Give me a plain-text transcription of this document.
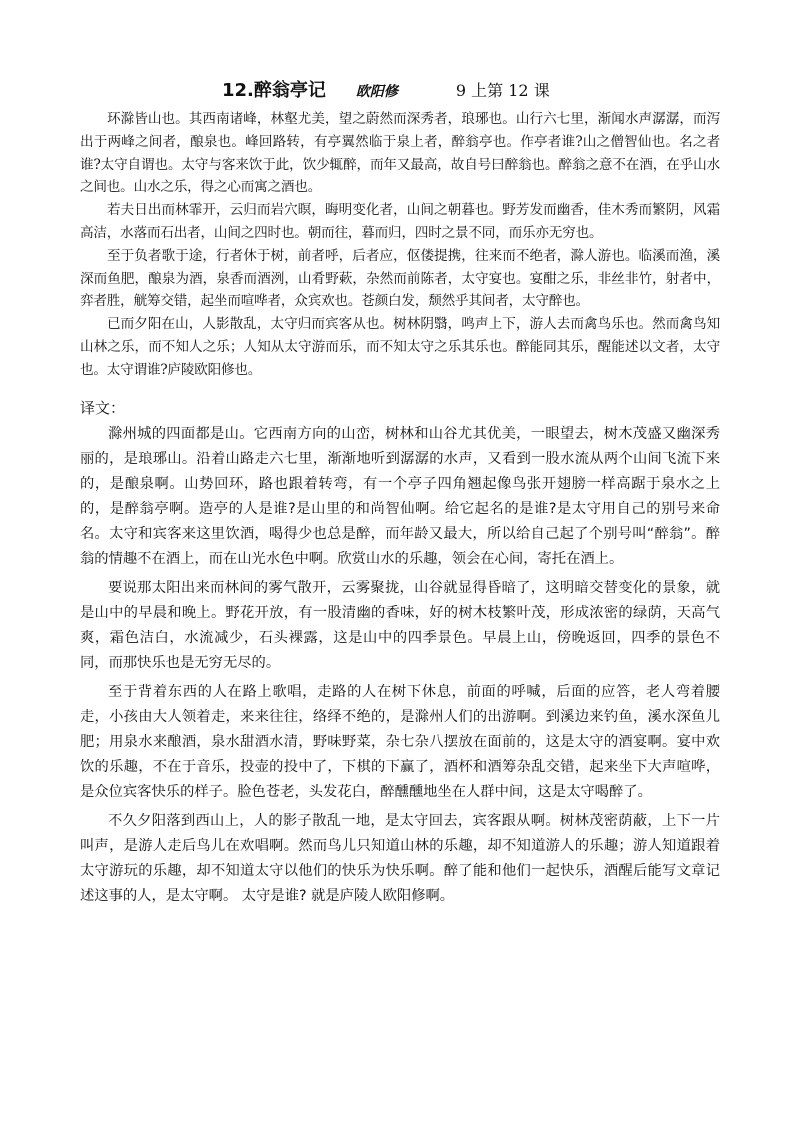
12.醉翁亭记 欧阳修	9 上第 12 课

环滁皆山也。其西南诸峰，林壑尤美，望之蔚然而深秀者，琅琊也。山行六七里，渐闻水声潺潺，而泻出于两峰之间者，酿泉也。峰回路转，有亭翼然临于泉上者，醉翁亭也。作亭者谁?山之僧智仙也。名之者谁?太守自谓也。太守与客来饮于此，饮少辄醉，而年又最高，故自号曰醉翁也。醉翁之意不在酒，在乎山水之间也。山水之乐，得之心而寓之酒也。

若夫日出而林霏开，云归而岩穴暝，晦明变化者，山间之朝暮也。野芳发而幽香，佳木秀而繁阴，风霜高洁，水落而石出者，山间之四时也。朝而往，暮而归，四时之景不同，而乐亦无穷也。

至于负者歌于途，行者休于树，前者呼，后者应，伛偻提携，往来而不绝者，滁人游也。临溪而渔，溪深而鱼肥，酿泉为酒，泉香而酒洌，山肴野蔌，杂然而前陈者，太守宴也。宴酣之乐，非丝非竹，射者中，弈者胜，觥筹交错，起坐而喧哗者，众宾欢也。苍颜白发，颓然乎其间者，太守醉也。

已而夕阳在山，人影散乱，太守归而宾客从也。树林阴翳，鸣声上下，游人去而禽鸟乐也。然而禽鸟知山林之乐，而不知人之乐；人知从太守游而乐，而不知太守之乐其乐也。醉能同其乐，醒能述以文者，太守也。太守谓谁?庐陵欧阳修也。

译文：

滁州城的四面都是山。它西南方向的山峦，树林和山谷尤其优美，一眼望去，树木茂盛又幽深秀丽的，是琅琊山。沿着山路走六七里，渐渐地听到潺潺的水声，又看到一股水流从两个山间飞流下来的，是酿泉啊。山势回环，路也跟着转弯，有一个亭子四角翘起像鸟张开翅膀一样高踞于泉水之上的，是醉翁亭啊。造亭的人是谁?是山里的和尚智仙啊。给它起名的是谁?是太守用自己的别号来命名。太守和宾客来这里饮酒，喝得少也总是醉，而年龄又最大，所以给自己起了个别号叫“醉翁”。醉翁的情趣不在酒上，而在山光水色中啊。欣赏山水的乐趣，领会在心间，寄托在酒上。

要说那太阳出来而林间的雾气散开，云雾聚拢，山谷就显得昏暗了，这明暗交替变化的景象，就是山中的早晨和晚上。野花开放，有一股清幽的香味，好的树木枝繁叶茂，形成浓密的绿荫，天高气爽，霜色洁白，水流减少，石头裸露，这是山中的四季景色。早晨上山，傍晚返回，四季的景色不同，而那快乐也是无穷无尽的。

至于背着东西的人在路上歌唱，走路的人在树下休息，前面的呼喊，后面的应答，老人弯着腰走，小孩由大人领着走，来来往往，络绎不绝的，是滁州人们的出游啊。到溪边来钓鱼，溪水深鱼儿肥；用泉水来酿酒，泉水甜酒水清，野味野菜，杂七杂八摆放在面前的，这是太守的酒宴啊。宴中欢饮的乐趣，不在于音乐，投壶的投中了，下棋的下赢了，酒杯和酒筹杂乱交错，起来坐下大声喧哗，是众位宾客快乐的样子。脸色苍老，头发花白，醉醺醺地坐在人群中间，这是太守喝醉了。

不久夕阳落到西山上，人的影子散乱一地，是太守回去，宾客跟从啊。树林茂密荫蔽，上下一片叫声，是游人走后鸟儿在欢唱啊。然而鸟儿只知道山林的乐趣，却不知道游人的乐趣；游人知道跟着太守游玩的乐趣，却不知道太守以他们的快乐为快乐啊。醉了能和他们一起快乐，酒醒后能写文章记述这事的人，是太守啊。 太守是谁? 就是庐陵人欧阳修啊。
